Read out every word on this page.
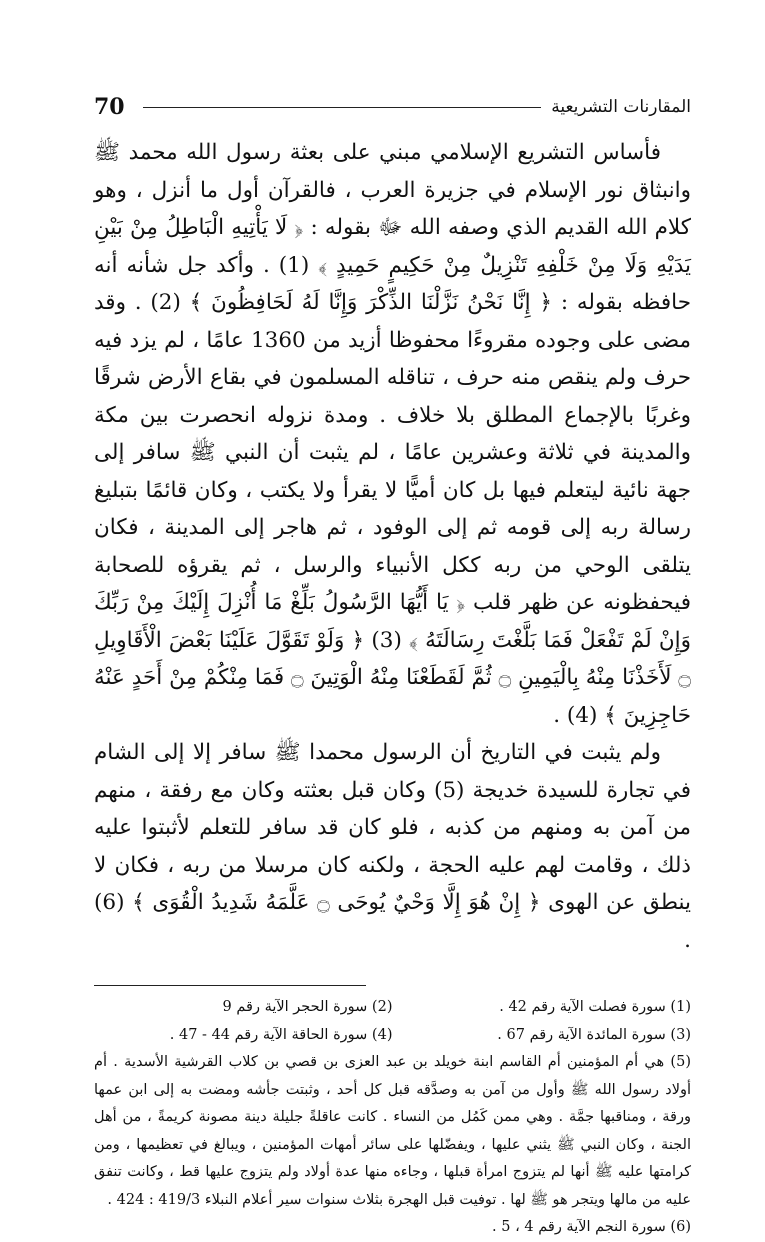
70	المقارنات التشريعية

فأساس التشريع الإسلامي مبني على بعثة رسول الله محمد ﷺ وانبثاق نور الإسلام في جزيرة العرب ، فالقرآن أول ما أنزل ، وهو كلام الله القديم الذي وصفه الله ﷻ بقوله : ﴿ لَا يَأْتِيهِ الْبَاطِلُ مِنْ بَيْنِ يَدَيْهِ وَلَا مِنْ خَلْفِهِ تَنْزِيلٌ مِنْ حَكِيمٍ حَمِيدٍ ﴾ (1) . وأكد جل شأنه أنه حافظه بقوله : ﴿ إِنَّا نَحْنُ نَزَّلْنَا الذِّكْرَ وَإِنَّا لَهُ لَحَافِظُونَ ﴾ (2) . وقد مضى على وجوده مقروءًا محفوظا أزيد من 1360 عامًا ، لم يزد فيه حرف ولم ينقص منه حرف ، تناقله المسلمون في بقاع الأرض شرقًا وغربًا بالإجماع المطلق بلا خلاف . ومدة نزوله انحصرت بين مكة والمدينة في ثلاثة وعشرين عامًا ، لم يثبت أن النبي ﷺ سافر إلى جهة نائية ليتعلم فيها بل كان أميًّا لا يقرأ ولا يكتب ، وكان قائمًا بتبليغ رسالة ربه إلى قومه ثم إلى الوفود ، ثم هاجر إلى المدينة ، فكان يتلقى الوحي من ربه ككل الأنبياء والرسل ، ثم يقرؤه للصحابة فيحفظونه عن ظهر قلب ﴿ يَا أَيُّهَا الرَّسُولُ بَلِّغْ مَا أُنْزِلَ إِلَيْكَ مِنْ رَبِّكَ وَإِنْ لَمْ تَفْعَلْ فَمَا بَلَّغْتَ رِسَالَتَهُ ﴾ (3) ﴿ وَلَوْ تَقَوَّلَ عَلَيْنَا بَعْضَ الْأَقَاوِيلِ ۝ لَأَخَذْنَا مِنْهُ بِالْيَمِينِ ۝ ثُمَّ لَقَطَعْنَا مِنْهُ الْوَتِينَ ۝ فَمَا مِنْكُمْ مِنْ أَحَدٍ عَنْهُ حَاجِزِينَ ﴾ (4) .

ولم يثبت في التاريخ أن الرسول محمدا ﷺ سافر إلا إلى الشام في تجارة للسيدة خديجة (5) وكان قبل بعثته وكان مع رفقة ، منهم من آمن به ومنهم من كذبه ، فلو كان قد سافر للتعلم لأثبتوا عليه ذلك ، وقامت لهم عليه الحجة ، ولكنه كان مرسلا من ربه ، فكان لا ينطق عن الهوى ﴿ إِنْ هُوَ إِلَّا وَحْيٌ يُوحَى ۝ عَلَّمَهُ شَدِيدُ الْقُوَى ﴾ (6) .

(1) سورة فصلت الآية رقم 42 .
(2) سورة الحجر الآية رقم 9
(3) سورة المائدة الآية رقم 67 .
(4) سورة الحاقة الآية رقم 44 - 47 .

(5) هي أم المؤمنين أم القاسم ابنة خويلد بن عبد العزى بن قصي بن كلاب القرشية الأسدية . أم أولاد رسول الله ﷺ وأول من آمن به وصدَّقه قبل كل أحد ، وثبتت جأشه ومضت به إلى ابن عمها ورقة ، ومناقبها جمَّة . وهي ممن كَمُل من النساء . كانت عاقلةً جليلة دينة مصونة كريمةً ، من أهل الجنة ، وكان النبي ﷺ يثني عليها ، ويفضّلها على سائر أمهات المؤمنين ، ويبالغ في تعظيمها ، ومن كرامتها عليه ﷺ أنها لم يتزوج امرأة قبلها ، وجاءه منها عدة أولاد ولم يتزوج عليها قط ، وكانت تنفق عليه من مالها ويتجر هو ﷺ لها . توفيت قبل الهجرة بثلاث سنوات سير أعلام النبلاء 419/3 : 424 .

(6) سورة النجم الآية رقم 4 ، 5 .
